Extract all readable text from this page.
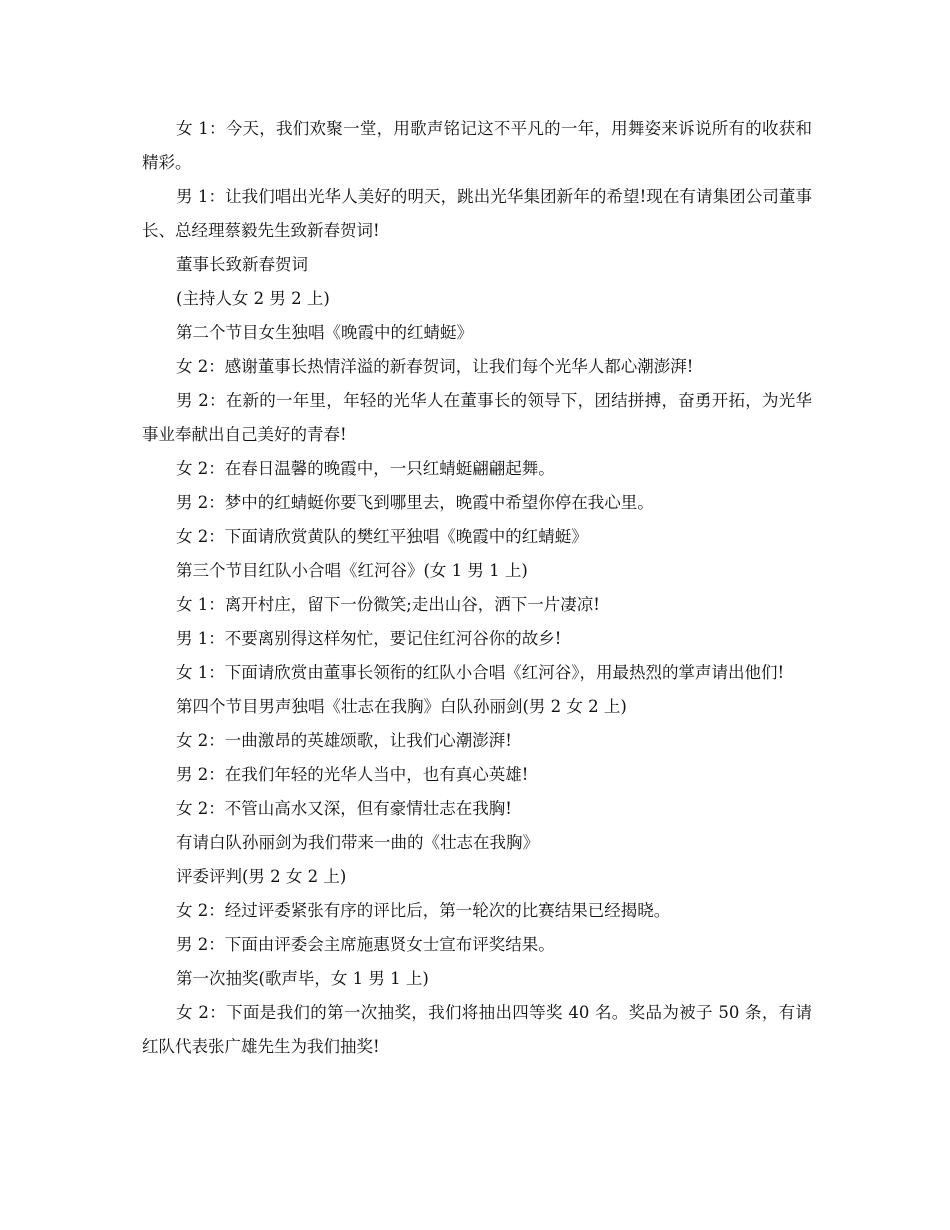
女 1：今天，我们欢聚一堂，用歌声铭记这不平凡的一年，用舞姿来诉说所有的收获和精彩。

男 1：让我们唱出光华人美好的明天，跳出光华集团新年的希望!现在有请集团公司董事长、总经理蔡毅先生致新春贺词!

董事长致新春贺词

(主持人女 2 男 2 上)

第二个节目女生独唱《晚霞中的红蜻蜓》

女 2：感谢董事长热情洋溢的新春贺词，让我们每个光华人都心潮澎湃!

男 2：在新的一年里，年轻的光华人在董事长的领导下，团结拼搏，奋勇开拓，为光华事业奉献出自己美好的青春!

女 2：在春日温馨的晚霞中，一只红蜻蜓翩翩起舞。

男 2：梦中的红蜻蜓你要飞到哪里去，晚霞中希望你停在我心里。

女 2：下面请欣赏黄队的樊红平独唱《晚霞中的红蜻蜓》

第三个节目红队小合唱《红河谷》(女 1 男 1 上)

女 1：离开村庄，留下一份微笑;走出山谷，洒下一片凄凉!

男 1：不要离别得这样匆忙，要记住红河谷你的故乡!

女 1：下面请欣赏由董事长领衔的红队小合唱《红河谷》，用最热烈的掌声请出他们!

第四个节目男声独唱《壮志在我胸》白队孙丽剑(男 2 女 2 上)

女 2：一曲激昂的英雄颂歌，让我们心潮澎湃!

男 2：在我们年轻的光华人当中，也有真心英雄!

女 2：不管山高水又深，但有豪情壮志在我胸!

有请白队孙丽剑为我们带来一曲的《壮志在我胸》

评委评判(男 2 女 2 上)

女 2：经过评委紧张有序的评比后，第一轮次的比赛结果已经揭晓。

男 2：下面由评委会主席施惠贤女士宣布评奖结果。

第一次抽奖(歌声毕，女 1 男 1 上)

女 2：下面是我们的第一次抽奖，我们将抽出四等奖 40 名。奖品为被子 50 条，有请红队代表张广雄先生为我们抽奖!
